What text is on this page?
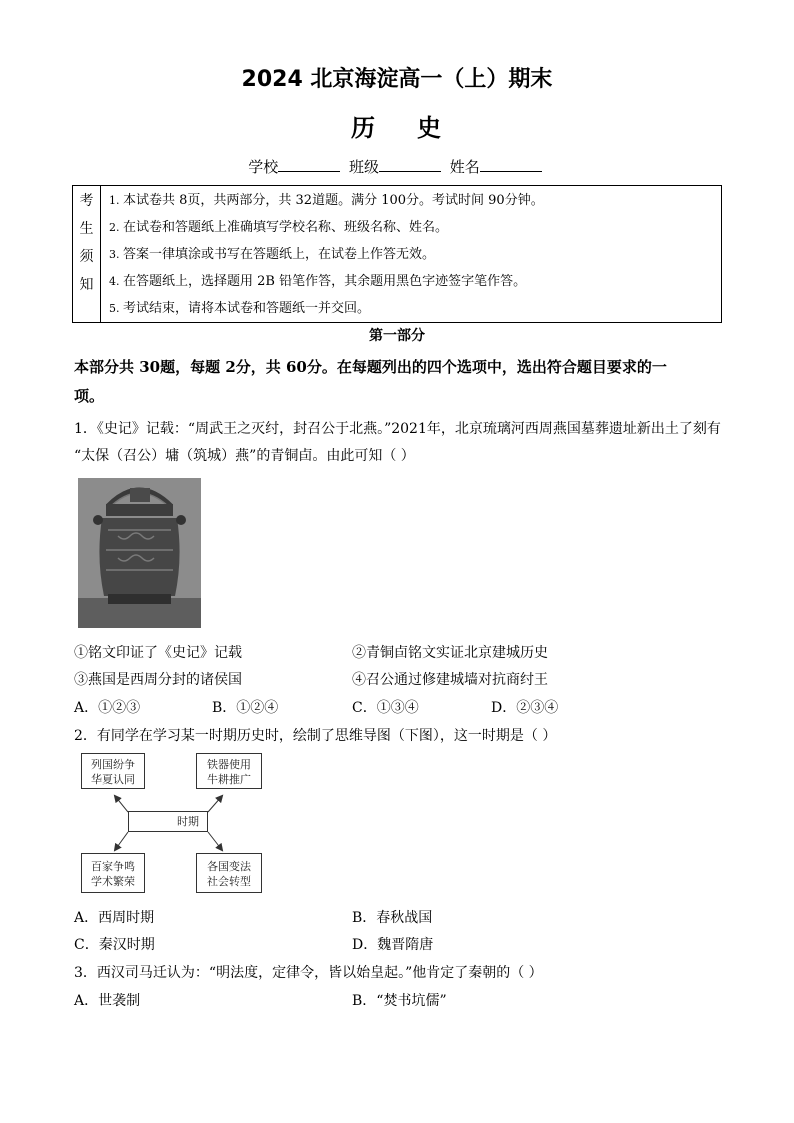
2024 北京海淀高一（上）期末
历 史
学校	班级	姓名
考
生
须
知
1. 本试卷共 8页，共两部分，共 32道题。满分 100分。考试时间 90分钟。
2. 在试卷和答题纸上准确填写学校名称、班级名称、姓名。
3. 答案一律填涂或书写在答题纸上，在试卷上作答无效。
4. 在答题纸上，选择题用 2B 铅笔作答，其余题用黑色字迹签字笔作答。
5. 考试结束，请将本试卷和答题纸一并交回。
第一部分
本部分共 30题，每题 2分，共 60分。在每题列出的四个选项中，选出符合题目要求的一
项。
1．《史记》记载：“周武王之灭纣，封召公于北燕。”2021年，北京琉璃河西周燕国墓葬遗址新出土了刻有
“太保（召公）墉（筑城）燕”的青铜卣。由此可知（ ）
①铭文印证了《史记》记载	②青铜卣铭文实证北京建城历史
③燕国是西周分封的诸侯国	④召公通过修建城墙对抗商纣王
A．①②③	B．①②④	C．①③④	D．②③④
2．有同学在学习某一时期历史时，绘制了思维导图（下图），这一时期是（ ）
列国纷争
华夏认同
铁器使用
牛耕推广
时期
百家争鸣
学术繁荣
各国变法
社会转型
A．西周时期	B．春秋战国
C．秦汉时期	D．魏晋隋唐
3．西汉司马迁认为：“明法度，定律令，皆以始皇起。”他肯定了秦朝的（ ）
A．世袭制	B．“焚书坑儒”
